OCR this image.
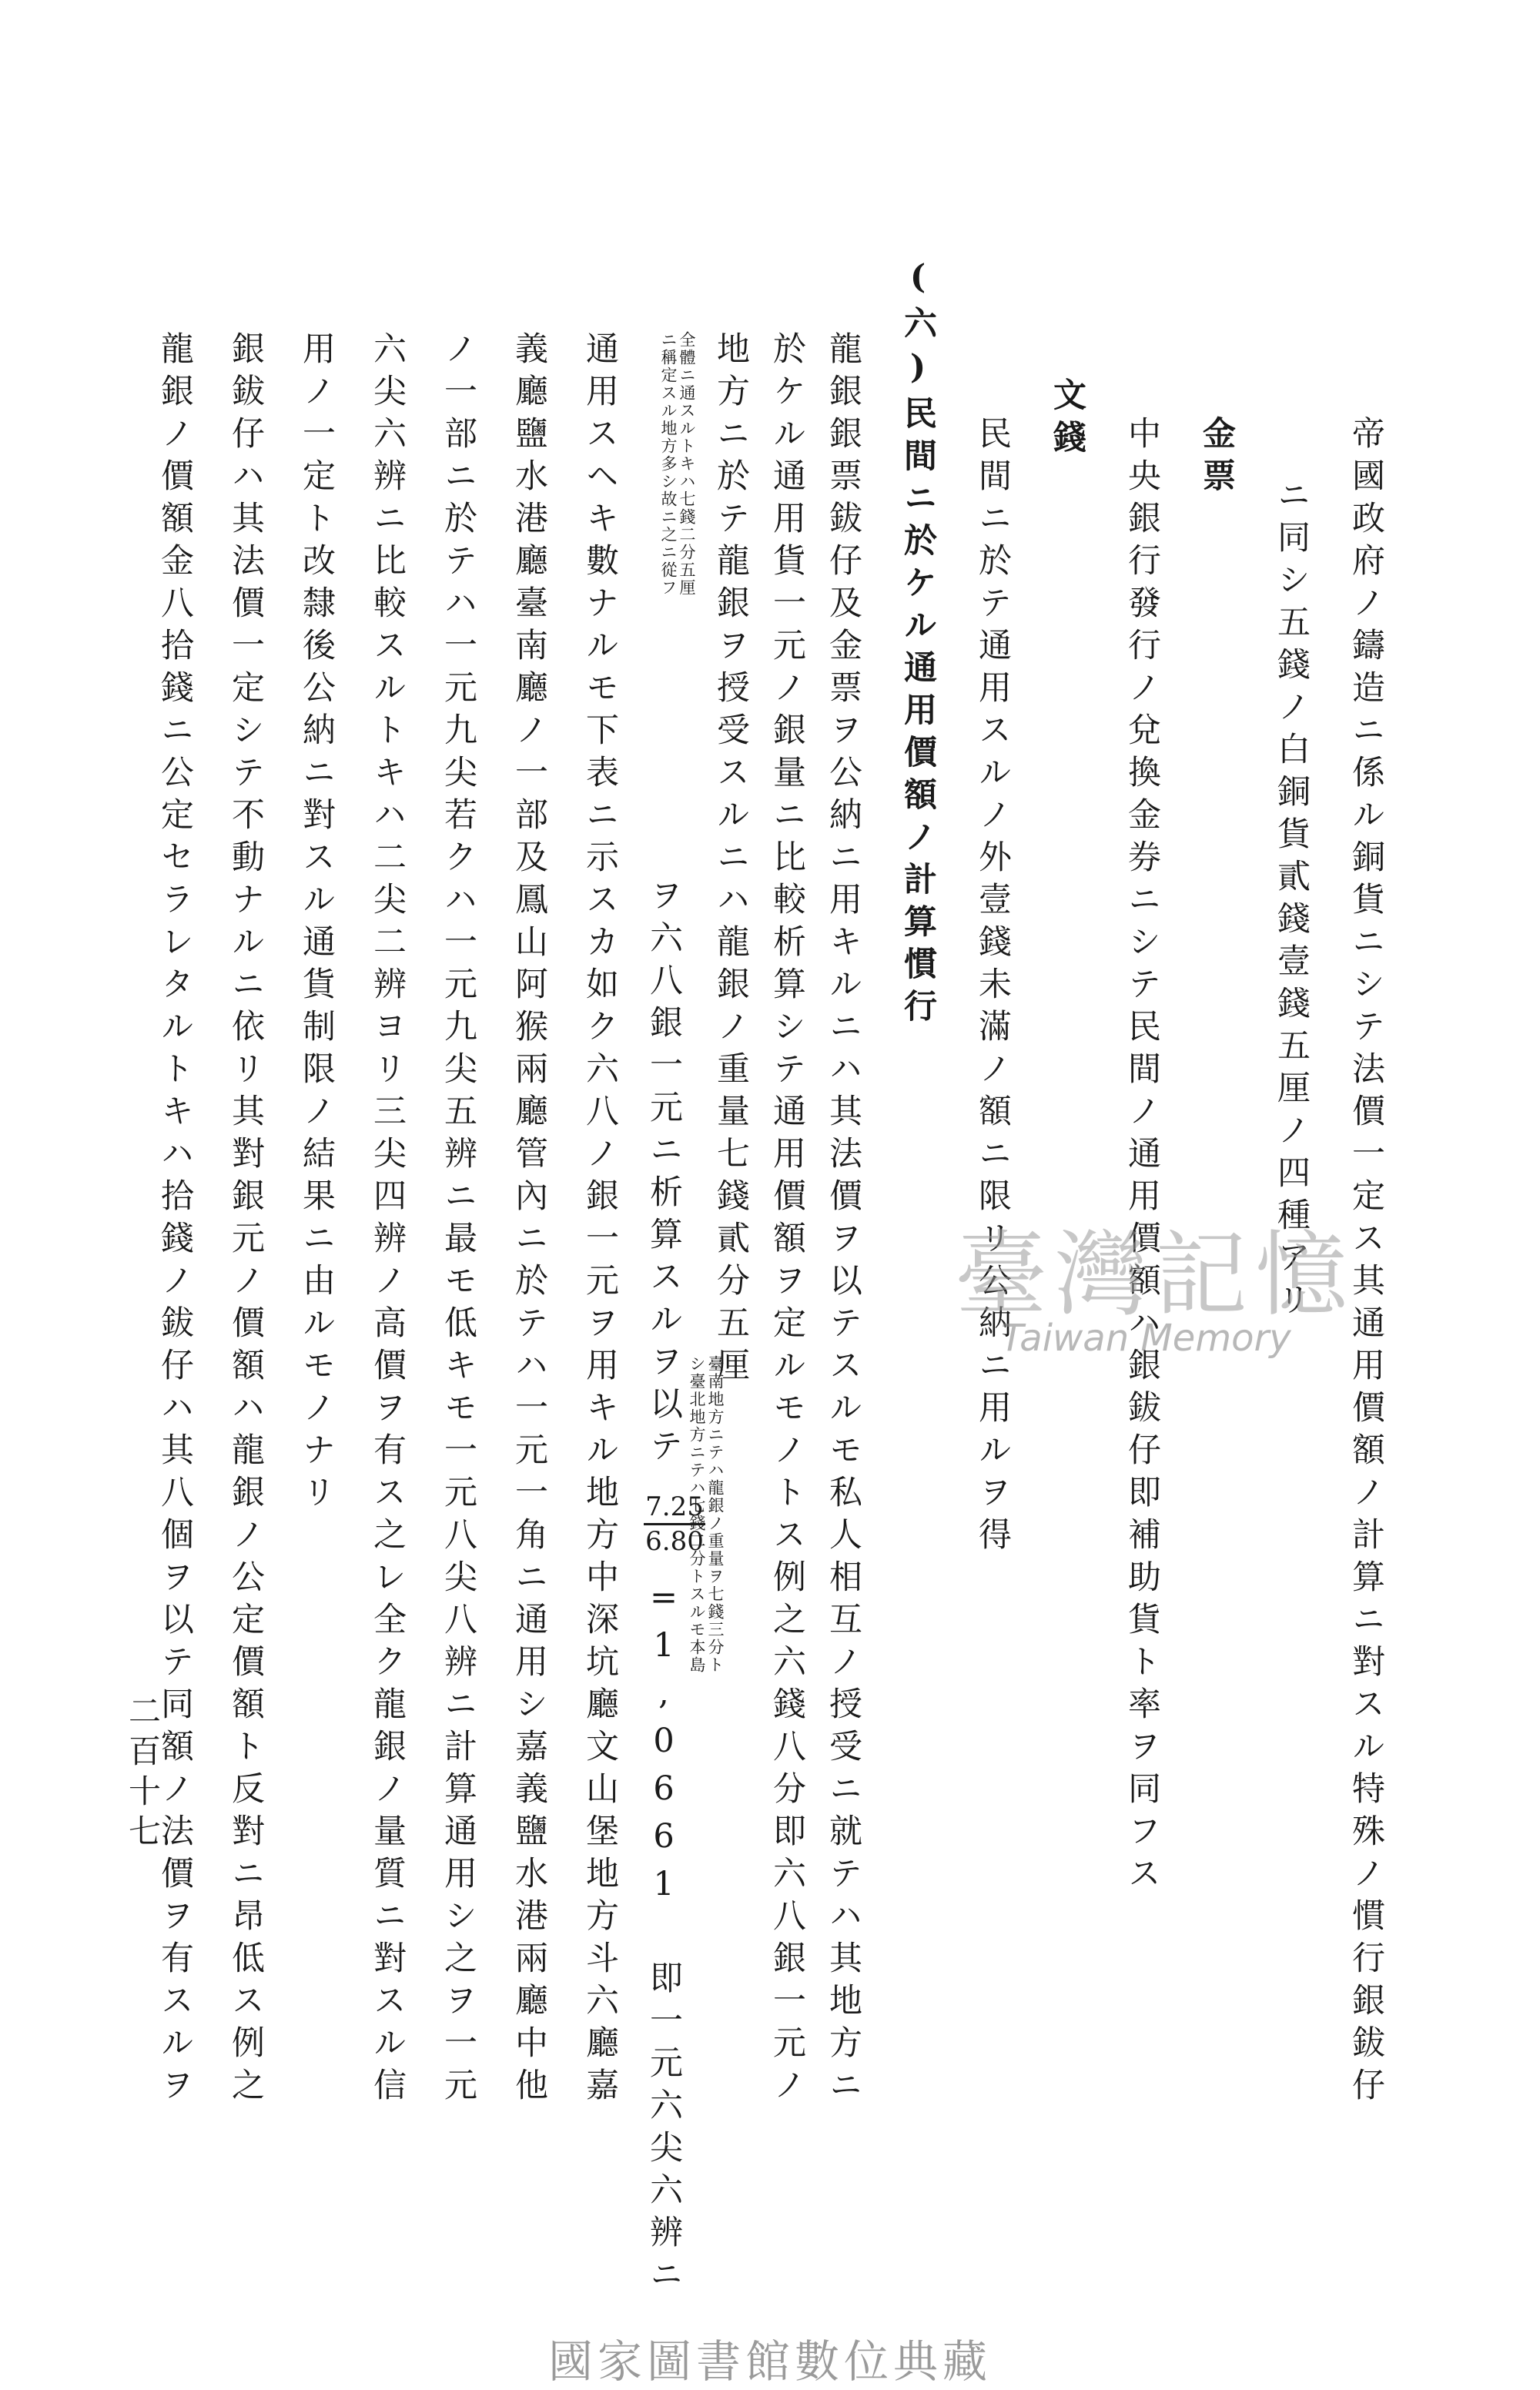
帝國政府ノ鑄造ニ係ル銅貨ニシテ法價一定ス其通用價額ノ計算ニ對スル特殊ノ慣行銀鈸仔
ニ同シ五錢ノ白銅貨貳錢壹錢五厘ノ四種アリ
金票
中央銀行發行ノ兌換金券ニシテ民間ノ通用價額ハ銀鈸仔即補助貨ト率ヲ同フス
文錢
民間ニ於テ通用スルノ外壹錢未滿ノ額ニ限リ公納ニ用ルヲ得
(六)民間ニ於ケル通用價額ノ計算慣行
龍銀銀票鈸仔及金票ヲ公納ニ用キルニハ其法價ヲ以テスルモ私人相互ノ授受ニ就テハ其地方ニ
於ケル通用貨一元ノ銀量ニ比較析算シテ通用價額ヲ定ルモノトス例之六錢八分即六八銀一元ノ
地方ニ於テ龍銀ヲ授受スルニハ龍銀ノ重量七錢貳分五厘
臺南地方ニテハ龍銀ノ重量ヲ七錢三分ト
シ臺北地方ニテハ七錢二分トスルモ本島
全體ニ通スルトキハ七錢二分五厘
ニ稱定スル地方多シ故ニ之ニ從フ
ヲ六八銀一元ニ析算スルヲ以テ
7.25
6.80
=1,0661 即一元六尖六辨ニ
通用スヘキ數ナルモ下表ニ示スカ如ク六八ノ銀一元ヲ用キル地方中深坑廳文山堡地方斗六廳嘉
義廳鹽水港廳臺南廳ノ一部及鳳山阿猴兩廳管內ニ於テハ一元一角ニ通用シ嘉義鹽水港兩廳中他
ノ一部ニ於テハ一元九尖若クハ一元九尖五辨ニ最モ低キモ一元八尖八辨ニ計算通用シ之ヲ一元
六尖六辨ニ比較スルトキハ二尖二辨ヨリ三尖四辨ノ高價ヲ有ス之レ全ク龍銀ノ量質ニ對スル信
用ノ一定ト改隸後公納ニ對スル通貨制限ノ結果ニ由ルモノナリ
銀鈸仔ハ其法價一定シテ不動ナルニ依リ其對銀元ノ價額ハ龍銀ノ公定價額ト反對ニ昂低ス例之
龍銀ノ價額金八拾錢ニ公定セラレタルトキハ拾錢ノ鈸仔ハ其八個ヲ以テ同額ノ法價ヲ有スルヲ
二百十七
臺灣記憶
Taiwan Memory
國家圖書館數位典藏
